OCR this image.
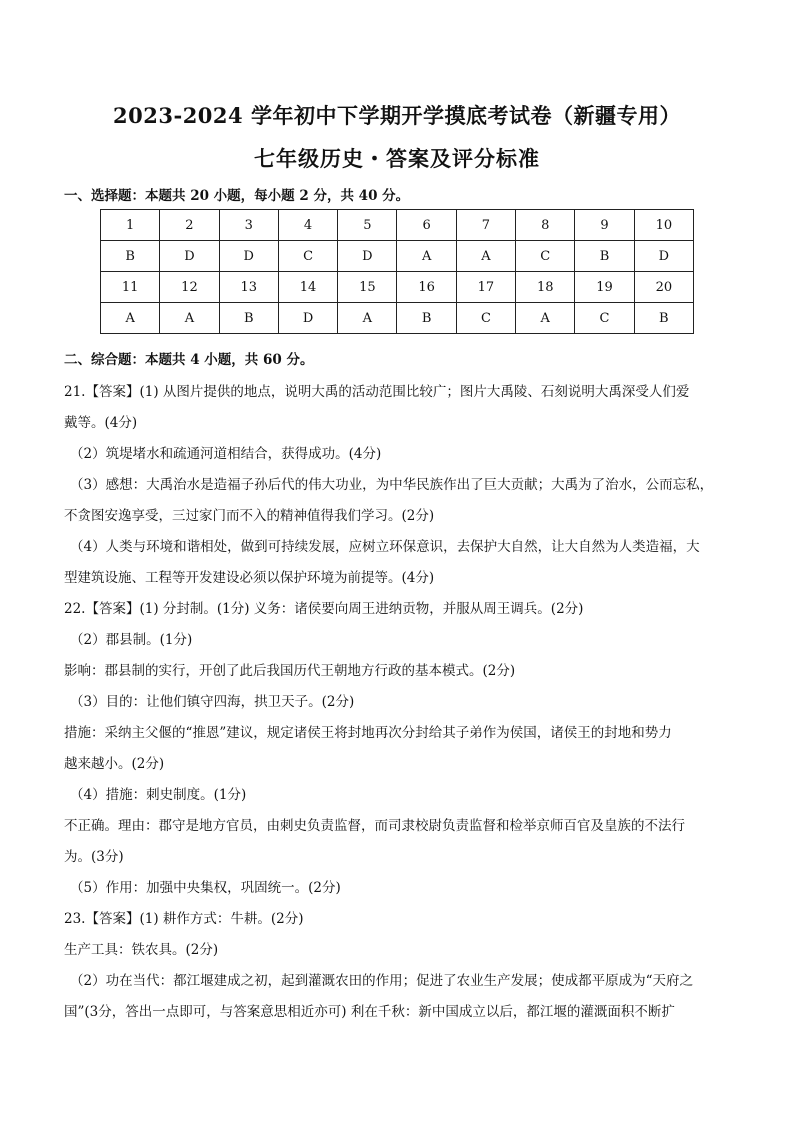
2023-2024 学年初中下学期开学摸底考试卷（新疆专用）
七年级历史・答案及评分标准
一、选择题：本题共 20 小题，每小题 2 分，共 40 分。
1	2	3	4	5	6	7	8	9	10
B	D	D	C	D	A	A	C	B	D
11	12	13	14	15	16	17	18	19	20
A	A	B	D	A	B	C	A	C	B
二、综合题：本题共 4 小题，共 60 分。

21.【答案】(1) 从图片提供的地点，说明大禹的活动范围比较广；图片大禹陵、石刻说明大禹深受人们爱

戴等。(4分)

（2）筑堤堵水和疏通河道相结合，获得成功。(4分)

（3）感想：大禹治水是造福子孙后代的伟大功业，为中华民族作出了巨大贡献；大禹为了治水，公而忘私，

不贪图安逸享受，三过家门而不入的精神值得我们学习。(2分)

（4）人类与环境和谐相处，做到可持续发展，应树立环保意识，去保护大自然，让大自然为人类造福，大

型建筑设施、工程等开发建设必须以保护环境为前提等。(4分)

22.【答案】(1) 分封制。(1分) 义务：诸侯要向周王进纳贡物，并服从周王调兵。(2分)

（2）郡县制。(1分)

影响：郡县制的实行，开创了此后我国历代王朝地方行政的基本模式。(2分)

（3）目的：让他们镇守四海，拱卫天子。(2分)

措施：采纳主父偃的“推恩”建议，规定诸侯王将封地再次分封给其子弟作为侯国，诸侯王的封地和势力

越来越小。(2分)

（4）措施：刺史制度。(1分)

不正确。理由：郡守是地方官员，由刺史负责监督，而司隶校尉负责监督和检举京师百官及皇族的不法行

为。(3分)

（5）作用：加强中央集权，巩固统一。(2分)

23.【答案】(1) 耕作方式：牛耕。(2分)

生产工具：铁农具。(2分)

（2）功在当代：都江堰建成之初，起到灌溉农田的作用；促进了农业生产发展；使成都平原成为“天府之

国”(3分，答出一点即可，与答案意思相近亦可) 利在千秋：新中国成立以后，都江堰的灌溉面积不断扩
